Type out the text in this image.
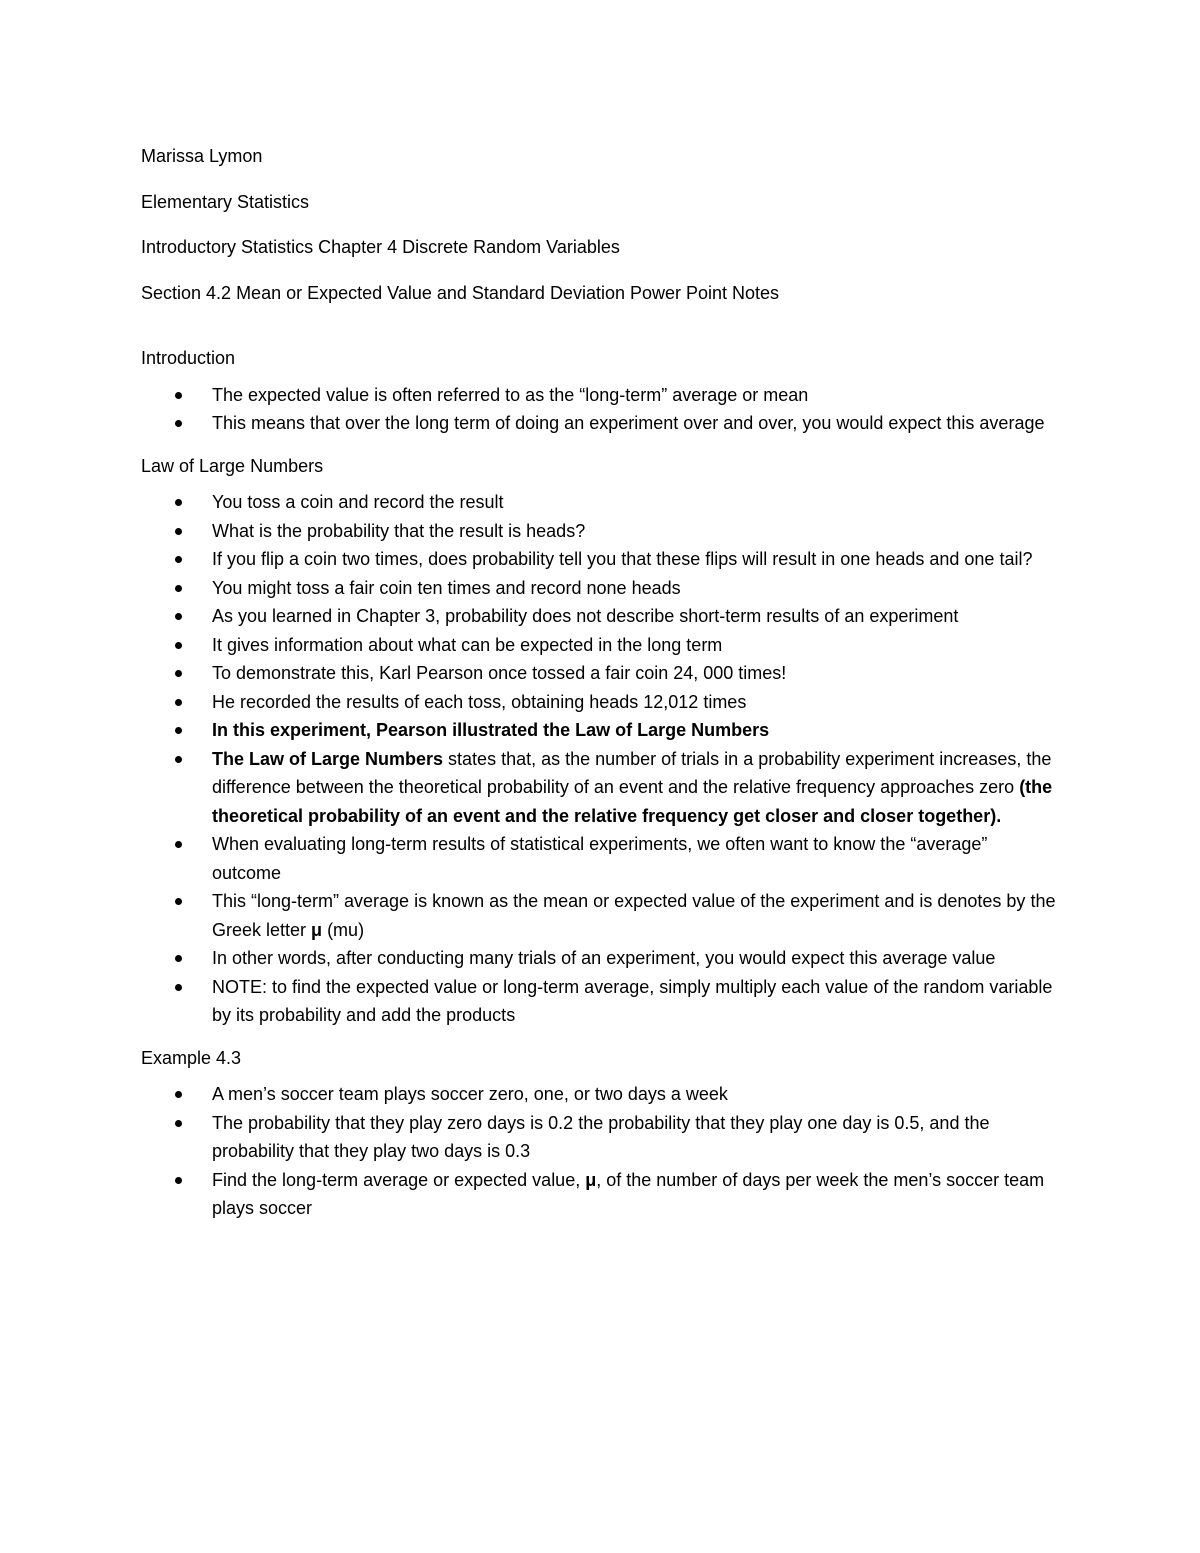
Marissa Lymon
Elementary Statistics
Introductory Statistics Chapter 4 Discrete Random Variables
Section 4.2 Mean or Expected Value and Standard Deviation Power Point Notes
Introduction
The expected value is often referred to as the “long-term” average or mean
This means that over the long term of doing an experiment over and over, you would expect this average
Law of Large Numbers
You toss a coin and record the result
What is the probability that the result is heads?
If you flip a coin two times, does probability tell you that these flips will result in one heads and one tail?
You might toss a fair coin ten times and record none heads
As you learned in Chapter 3, probability does not describe short-term results of an experiment
It gives information about what can be expected in the long term
To demonstrate this, Karl Pearson once tossed a fair coin 24, 000 times!
He recorded the results of each toss, obtaining heads 12,012 times
In this experiment, Pearson illustrated the Law of Large Numbers
The Law of Large Numbers states that, as the number of trials in a probability experiment increases, the difference between the theoretical probability of an event and the relative frequency approaches zero (the theoretical probability of an event and the relative frequency get closer and closer together).
When evaluating long-term results of statistical experiments, we often want to know the “average” outcome
This “long-term” average is known as the mean or expected value of the experiment and is denotes by the Greek letter μ (mu)
In other words, after conducting many trials of an experiment, you would expect this average value
NOTE: to find the expected value or long-term average, simply multiply each value of the random variable by its probability and add the products
Example 4.3
A men’s soccer team plays soccer zero, one, or two days a week
The probability that they play zero days is 0.2 the probability that they play one day is 0.5, and the probability that they play two days is 0.3
Find the long-term average or expected value, μ, of the number of days per week the men’s soccer team plays soccer
